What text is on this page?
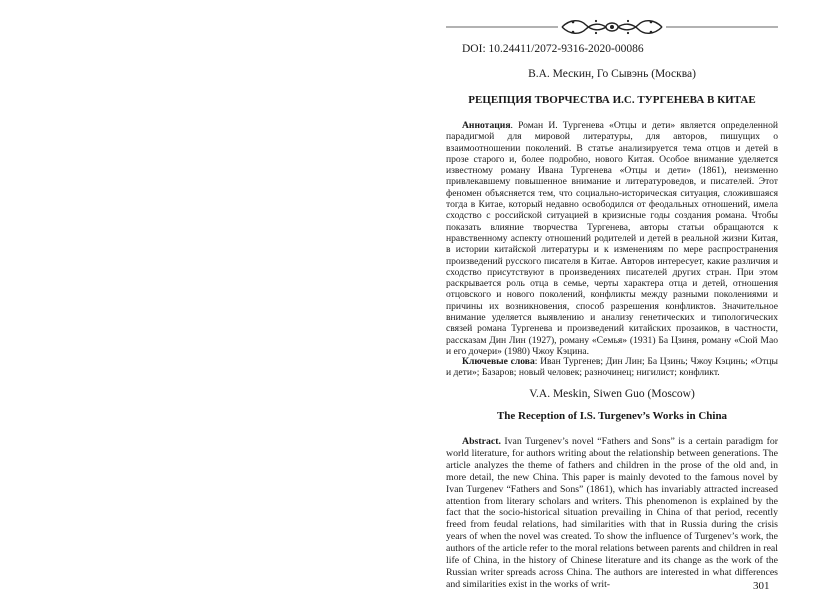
DOI: 10.24411/2072-9316-2020-00086
В.А. Мескин, Го Сывэнь (Москва)
РЕЦЕПЦИЯ ТВОРЧЕСТВА И.С. ТУРГЕНЕВА В КИТАЕ

Аннотация. Роман И. Тургенева «Отцы и дети» является определенной парадигмой для мировой литературы, для авторов, пишущих о взаимоотношении поколений. В статье анализируется тема отцов и детей в прозе старого и, более подробно, нового Китая. Особое внимание уделяется известному роману Ивана Тургенева «Отцы и дети» (1861), неизменно привлекавшему повышенное внимание и литературоведов, и писателей. Этот феномен объясняется тем, что социально-историческая ситуация, сложившаяся тогда в Китае, который недавно освободился от феодальных отношений, имела сходство с российской ситуацией в кризисные годы создания романа. Чтобы показать влияние творчества Тургенева, авторы статьи обращаются к нравственному аспекту отношений родителей и детей в реальной жизни Китая, в истории китайской литературы и к изменениям по мере распространения произведений русского писателя в Китае. Авторов интересует, какие различия и сходство присутствуют в произведениях писателей других стран. При этом раскрывается роль отца в семье, черты характера отца и детей, отношения отцовского и нового поколений, конфликты между разными поколениями и причины их возникновения, способ разрешения конфликтов. Значительное внимание уделяется выявлению и анализу генетических и типологических связей романа Тургенева и произведений китайских прозаиков, в частности, рассказам Дин Лин (1927), роману «Семья» (1931) Ба Цзиня, роману «Сюй Мао и его дочери» (1980) Чжоу Кэцина.

Ключевые слова: Иван Тургенев; Дин Лин; Ба Цзинь; Чжоу Кэцинь; «Отцы и дети»; Базаров; новый человек; разночинец; нигилист; конфликт.

V.A. Meskin, Siwen Guo (Moscow)
The Reception of I.S. Turgenev’s Works in China

Abstract. Ivan Turgenev’s novel “Fathers and Sons” is a certain paradigm for world literature, for authors writing about the relationship between generations. The article analyzes the theme of fathers and children in the prose of the old and, in more detail, the new China. This paper is mainly devoted to the famous novel by Ivan Turgenev “Fathers and Sons” (1861), which has invariably attracted increased attention from literary scholars and writers. This phenomenon is explained by the fact that the socio-historical situation prevailing in China of that period, recently freed from feudal relations, had similarities with that in Russia during the crisis years of when the novel was created. To show the influence of Turgenev’s work, the authors of the article refer to the moral relations between parents and children in real life of China, in the history of Chinese literature and its change as the work of the Russian writer spreads across China. The authors are interested in what differences and similarities exist in the works of writ-	301
